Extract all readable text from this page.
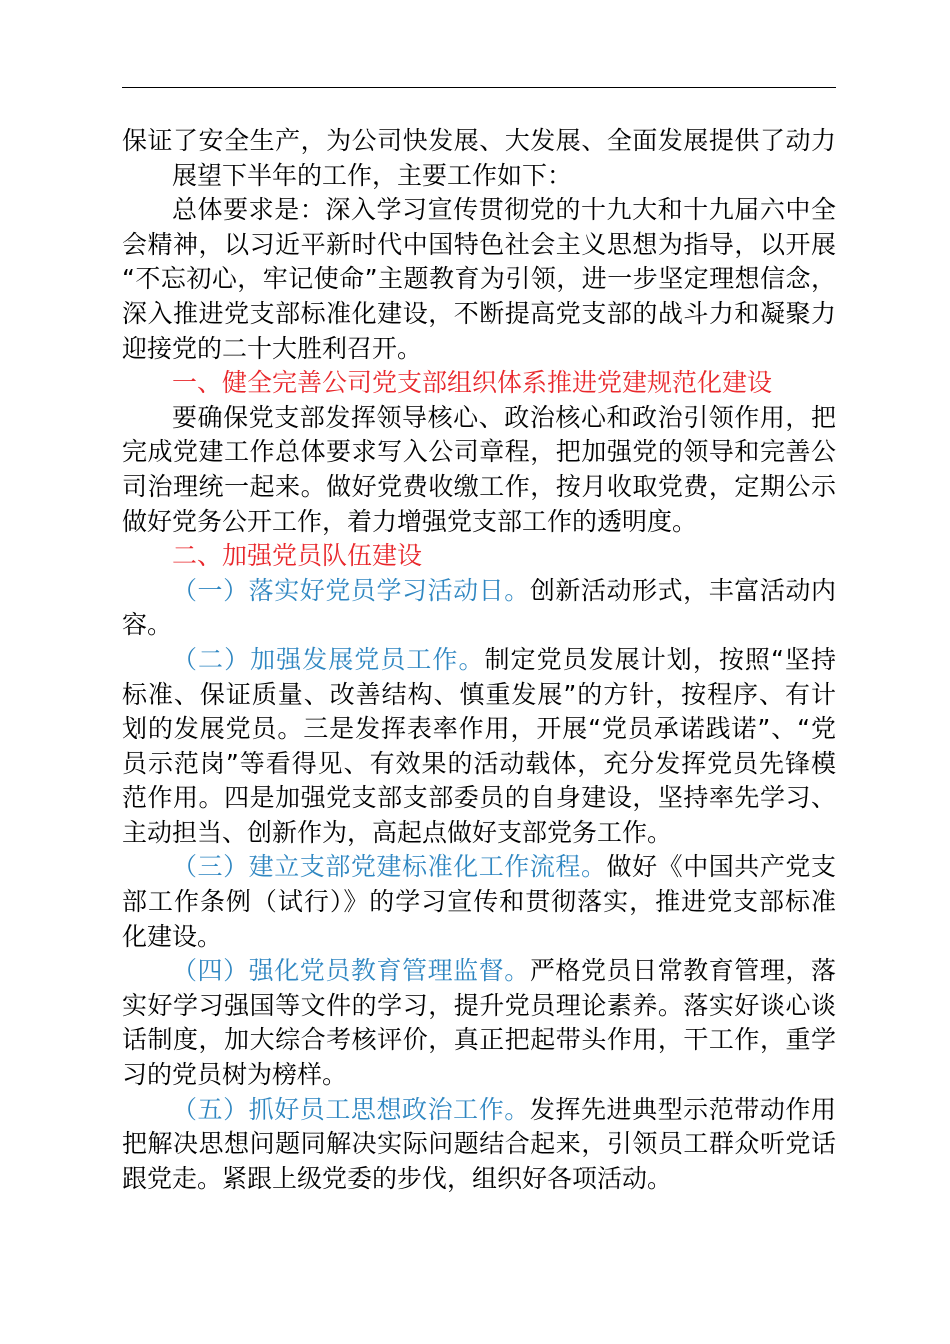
保证了安全生产，为公司快发展、大发展、全面发展提供了动力
展望下半年的工作，主要工作如下：
总体要求是：深入学习宣传贯彻党的十九大和十九届六中全
会精神，以习近平新时代中国特色社会主义思想为指导，以开展
“不忘初心，牢记使命”主题教育为引领，进一步坚定理想信念，
深入推进党支部标准化建设，不断提高党支部的战斗力和凝聚力
迎接党的二十大胜利召开。
一、健全完善公司党支部组织体系推进党建规范化建设
要确保党支部发挥领导核心、政治核心和政治引领作用，把
完成党建工作总体要求写入公司章程，把加强党的领导和完善公
司治理统一起来。做好党费收缴工作，按月收取党费，定期公示
做好党务公开工作，着力增强党支部工作的透明度。
二、加强党员队伍建设
（一）落实好党员学习活动日。创新活动形式，丰富活动内
容。
（二）加强发展党员工作。制定党员发展计划，按照“坚持
标准、保证质量、改善结构、慎重发展”的方针，按程序、有计
划的发展党员。三是发挥表率作用，开展“党员承诺践诺”、“党
员示范岗”等看得见、有效果的活动载体，充分发挥党员先锋模
范作用。四是加强党支部支部委员的自身建设，坚持率先学习、
主动担当、创新作为，高起点做好支部党务工作。
（三）建立支部党建标准化工作流程。做好《中国共产党支
部工作条例（试行）》的学习宣传和贯彻落实，推进党支部标准
化建设。
（四）强化党员教育管理监督。严格党员日常教育管理，落
实好学习强国等文件的学习，提升党员理论素养。落实好谈心谈
话制度，加大综合考核评价，真正把起带头作用，干工作，重学
习的党员树为榜样。
（五）抓好员工思想政治工作。发挥先进典型示范带动作用
把解决思想问题同解决实际问题结合起来，引领员工群众听党话
跟党走。紧跟上级党委的步伐，组织好各项活动。
